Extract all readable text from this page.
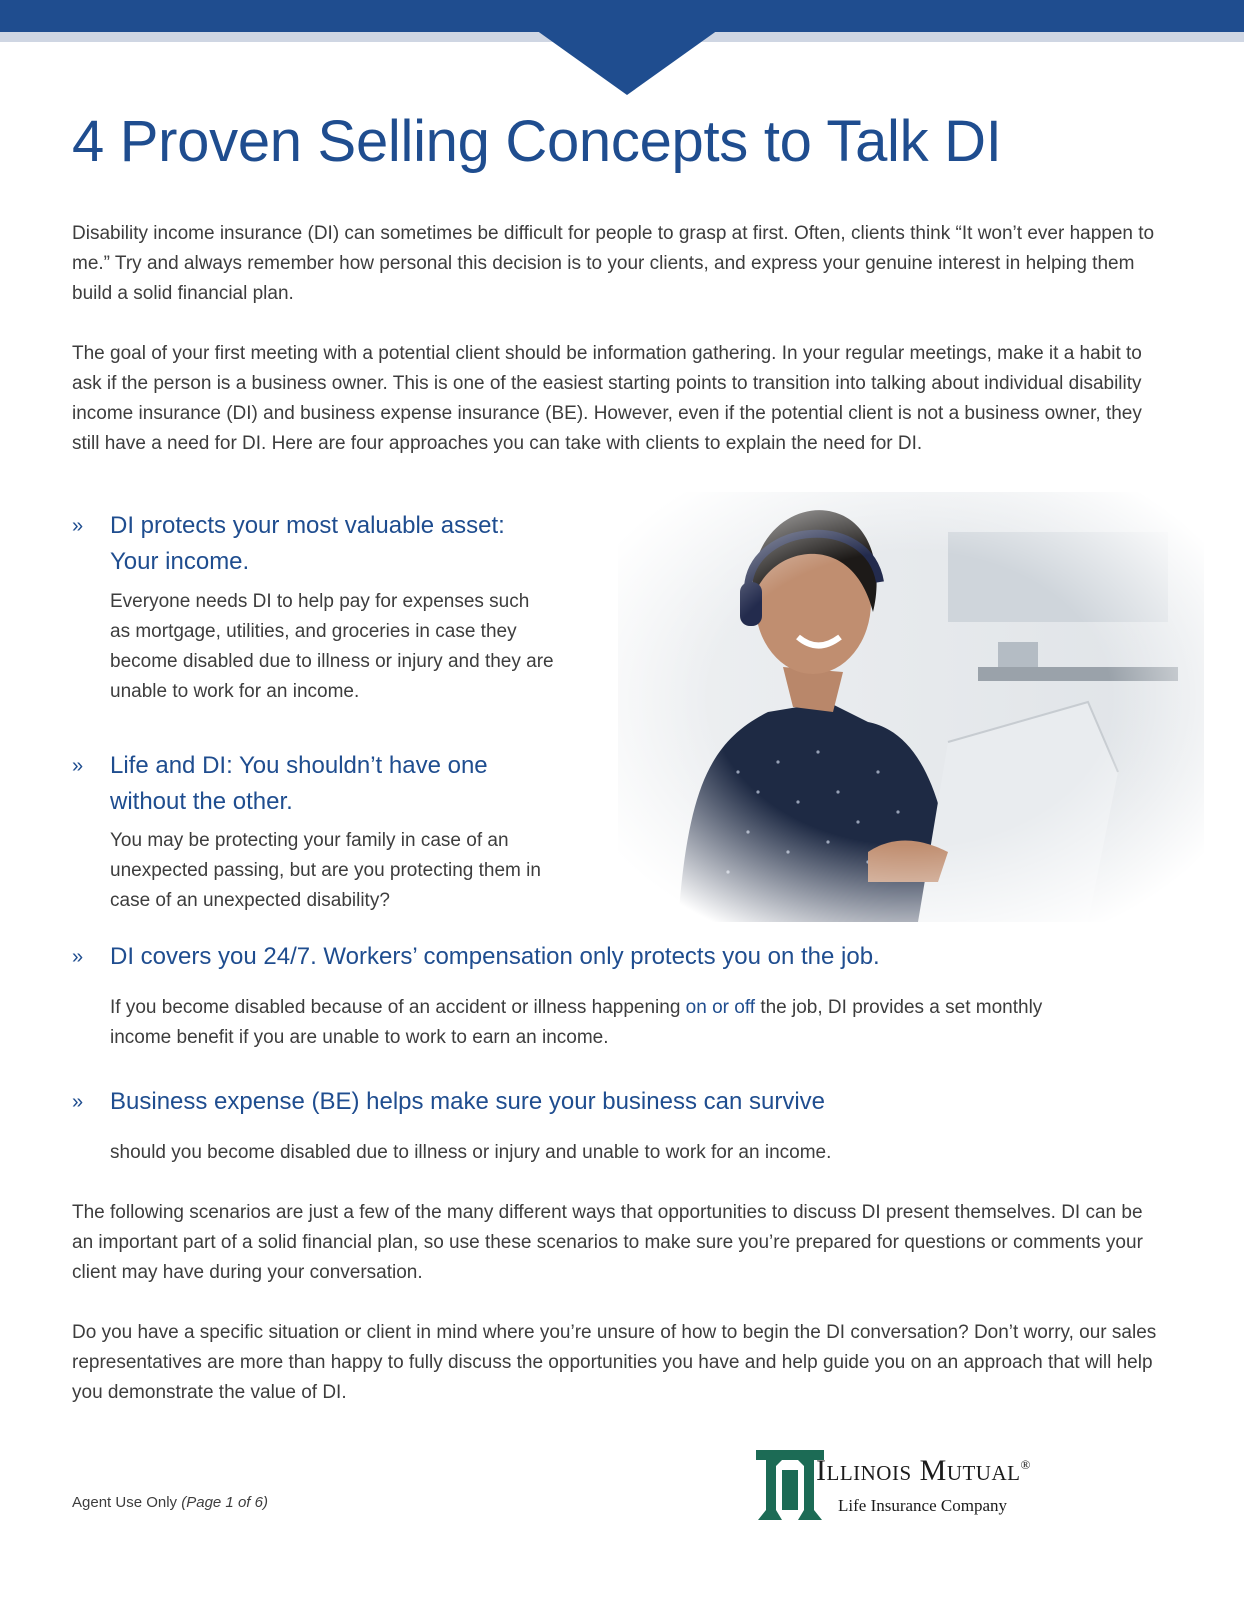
4 Proven Selling Concepts to Talk DI

Disability income insurance (DI) can sometimes be difficult for people to grasp at first. Often, clients think “It won’t ever happen to me.” Try and always remember how personal this decision is to your clients, and express your genuine interest in helping them build a solid financial plan.

The goal of your first meeting with a potential client should be information gathering. In your regular meetings, make it a habit to ask if the person is a business owner. This is one of the easiest starting points to transition into talking about individual disability income insurance (DI) and business expense insurance (BE). However, even if the potential client is not a business owner, they still have a need for DI. Here are four approaches you can take with clients to explain the need for DI.

» DI protects your most valuable asset:
Your income.
Everyone needs DI to help pay for expenses such
as mortgage, utilities, and groceries in case they
become disabled due to illness or injury and they are
unable to work for an income.
» Life and DI: You shouldn’t have one
without the other.
You may be protecting your family in case of an
unexpected passing, but are you protecting them in
case of an unexpected disability?
» DI covers you 24/7. Workers’ compensation only protects you on the job.
If you become disabled because of an accident or illness happening on or off the job, DI provides a set monthly
income benefit if you are unable to work to earn an income.
» Business expense (BE) helps make sure your business can survive
should you become disabled due to illness or injury and unable to work for an income.

The following scenarios are just a few of the many different ways that opportunities to discuss DI present themselves. DI can be an important part of a solid financial plan, so use these scenarios to make sure you’re prepared for questions or comments your client may have during your conversation.

Do you have a specific situation or client in mind where you’re unsure of how to begin the DI conversation? Don’t worry, our sales representatives are more than happy to fully discuss the opportunities you have and help guide you on an approach that will help you demonstrate the value of DI.

Agent Use Only (Page 1 of 6)
Illinois Mutual®
Life Insurance Company
